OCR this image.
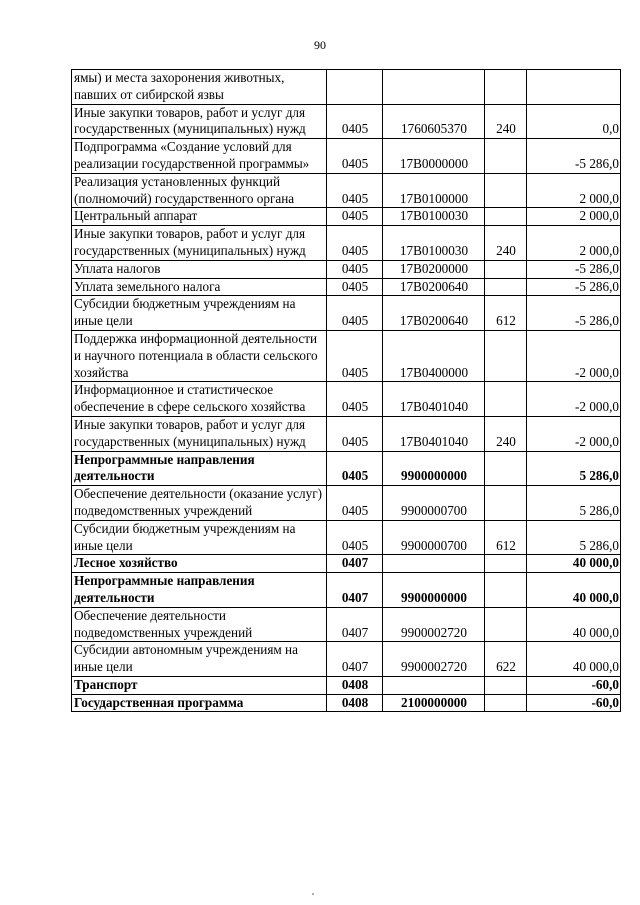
90
ямы) и места захоронения животных, павших от сибирской язвы				
Иные закупки товаров, работ и услуг для государственных (муниципальных) нужд	0405	1760605370	240	0,0
Подпрограмма «Создание условий для реализации государственной программы»	0405	17В0000000		-5 286,0
Реализация установленных функций (полномочий) государственного органа	0405	17В0100000		2 000,0
Центральный аппарат	0405	17В0100030		2 000,0
Иные закупки товаров, работ и услуг для государственных (муниципальных) нужд	0405	17В0100030	240	2 000,0
Уплата налогов	0405	17В0200000		-5 286,0
Уплата земельного налога	0405	17В0200640		-5 286,0
Субсидии бюджетным учреждениям на иные цели	0405	17В0200640	612	-5 286,0
Поддержка информационной деятельности и научного потенциала в области сельского хозяйства	0405	17В0400000		-2 000,0
Информационное и статистическое обеспечение в сфере сельского хозяйства	0405	17В0401040		-2 000,0
Иные закупки товаров, работ и услуг для государственных (муниципальных) нужд	0405	17В0401040	240	-2 000,0
Непрограммные направления деятельности	0405	9900000000		5 286,0
Обеспечение деятельности (оказание услуг) подведомственных учреждений	0405	9900000700		5 286,0
Субсидии бюджетным учреждениям на иные цели	0405	9900000700	612	5 286,0
Лесное хозяйство	0407			40 000,0
Непрограммные направления деятельности	0407	9900000000		40 000,0
Обеспечение деятельности подведомственных учреждений	0407	9900002720		40 000,0
Субсидии автономным учреждениям на иные цели	0407	9900002720	622	40 000,0
Транспорт	0408			-60,0
Государственная программа	0408	2100000000		-60,0
